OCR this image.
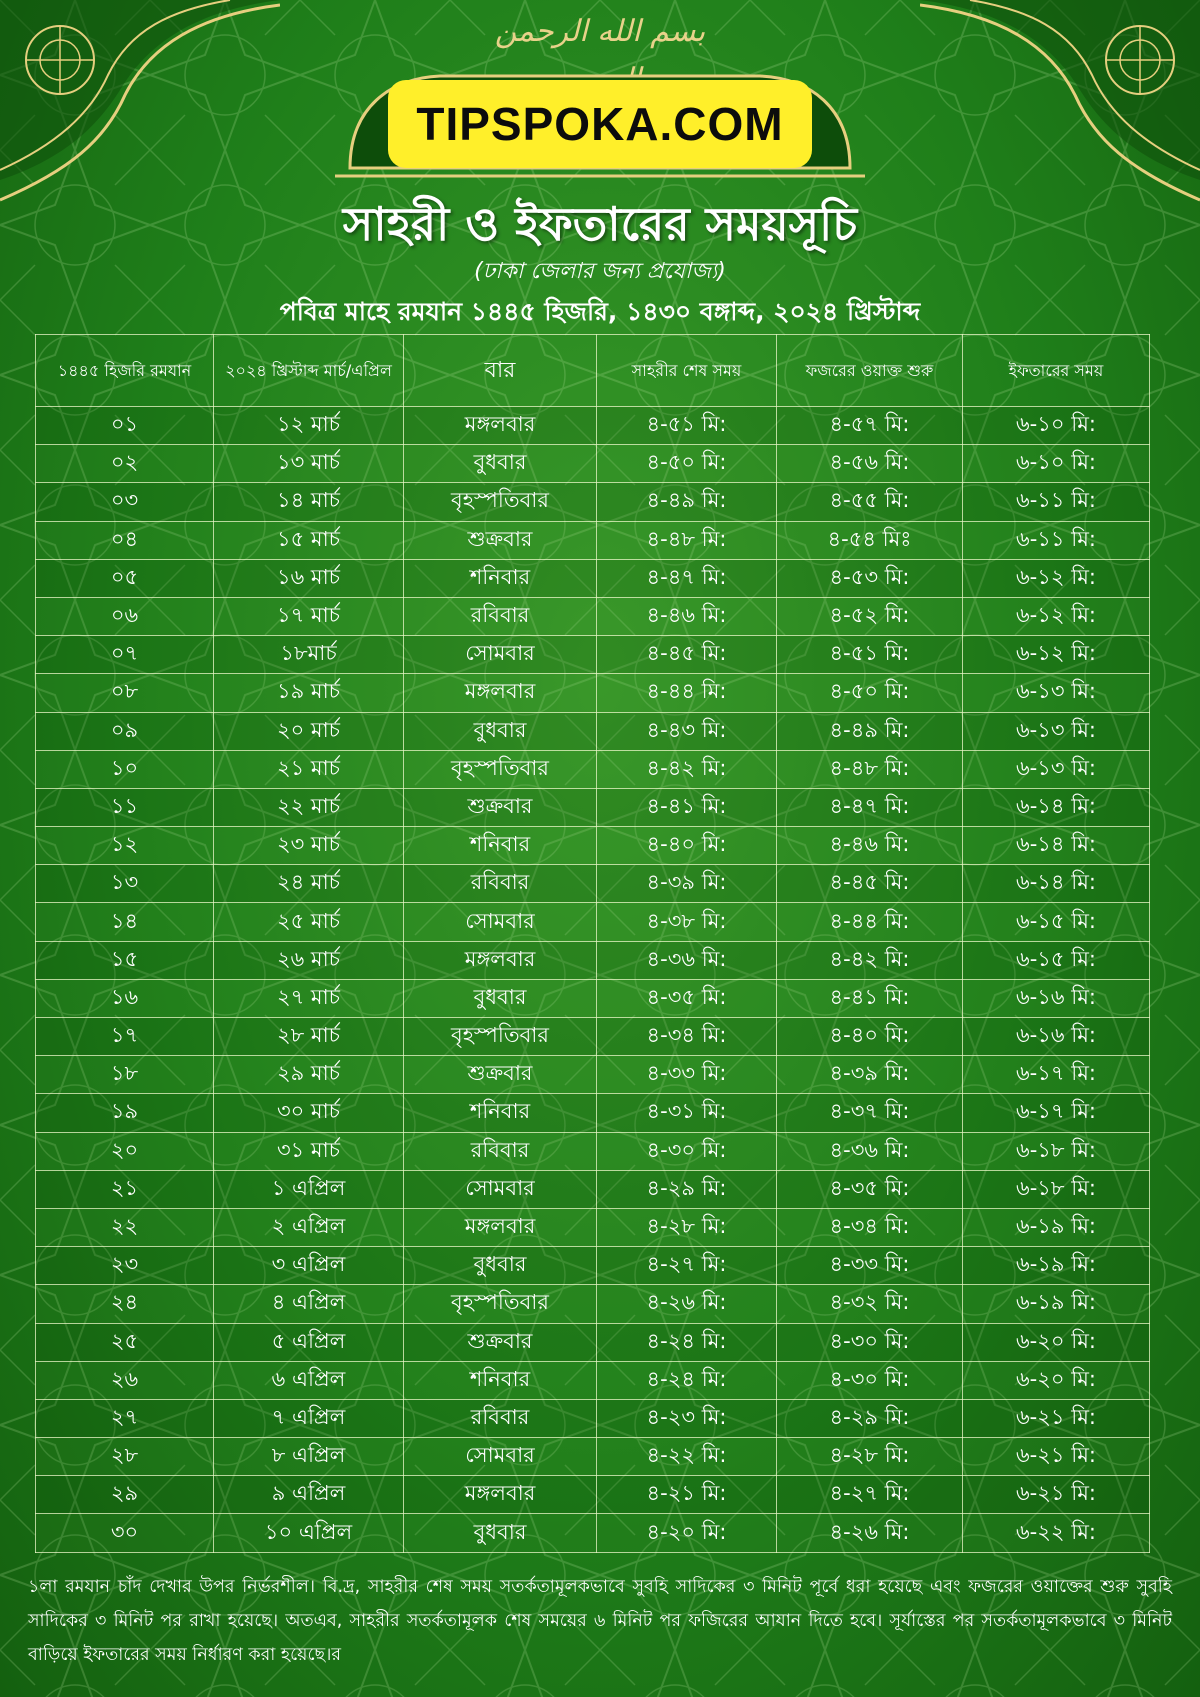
بسم الله الرحمن
TIPSPOKA.COM
সাহরী ও ইফতারের সময়সূচি
(ঢাকা জেলার জন্য প্রযোজ্য)
পবিত্র মাহে রমযান ১৪৪৫ হিজরি, ১৪৩০ বঙ্গাব্দ, ২০২৪ খ্রিস্টাব্দ
১৪৪৫ হিজরি রমযান	২০২৪ খ্রিস্টাব্দ মার্চ/এপ্রিল	বার	সাহরীর শেষ সময়	ফজরের ওয়াক্ত শুরু	ইফতারের সময়
০১	১২ মার্চ	মঙ্গলবার	৪-৫১ মি:	৪-৫৭ মি:	৬-১০ মি:
০২	১৩ মার্চ	বুধবার	৪-৫০ মি:	৪-৫৬ মি:	৬-১০ মি:
০৩	১৪ মার্চ	বৃহস্পতিবার	৪-৪৯ মি:	৪-৫৫ মি:	৬-১১ মি:
০৪	১৫ মার্চ	শুক্রবার	৪-৪৮ মি:	৪-৫৪ মিঃ	৬-১১ মি:
০৫	১৬ মার্চ	শনিবার	৪-৪৭ মি:	৪-৫৩ মি:	৬-১২ মি:
০৬	১৭ মার্চ	রবিবার	৪-৪৬ মি:	৪-৫২ মি:	৬-১২ মি:
০৭	১৮মার্চ	সোমবার	৪-৪৫ মি:	৪-৫১ মি:	৬-১২ মি:
০৮	১৯ মার্চ	মঙ্গলবার	৪-৪৪ মি:	৪-৫০ মি:	৬-১৩ মি:
০৯	২০ মার্চ	বুধবার	৪-৪৩ মি:	৪-৪৯ মি:	৬-১৩ মি:
১০	২১ মার্চ	বৃহস্পতিবার	৪-৪২ মি:	৪-৪৮ মি:	৬-১৩ মি:
১১	২২ মার্চ	শুক্রবার	৪-৪১ মি:	৪-৪৭ মি:	৬-১৪ মি:
১২	২৩ মার্চ	শনিবার	৪-৪০ মি:	৪-৪৬ মি:	৬-১৪ মি:
১৩	২৪ মার্চ	রবিবার	৪-৩৯ মি:	৪-৪৫ মি:	৬-১৪ মি:
১৪	২৫ মার্চ	সোমবার	৪-৩৮ মি:	৪-৪৪ মি:	৬-১৫ মি:
১৫	২৬ মার্চ	মঙ্গলবার	৪-৩৬ মি:	৪-৪২ মি:	৬-১৫ মি:
১৬	২৭ মার্চ	বুধবার	৪-৩৫ মি:	৪-৪১ মি:	৬-১৬ মি:
১৭	২৮ মার্চ	বৃহস্পতিবার	৪-৩৪ মি:	৪-৪০ মি:	৬-১৬ মি:
১৮	২৯ মার্চ	শুক্রবার	৪-৩৩ মি:	৪-৩৯ মি:	৬-১৭ মি:
১৯	৩০ মার্চ	শনিবার	৪-৩১ মি:	৪-৩৭ মি:	৬-১৭ মি:
২০	৩১ মার্চ	রবিবার	৪-৩০ মি:	৪-৩৬ মি:	৬-১৮ মি:
২১	১ এপ্রিল	সোমবার	৪-২৯ মি:	৪-৩৫ মি:	৬-১৮ মি:
২২	২ এপ্রিল	মঙ্গলবার	৪-২৮ মি:	৪-৩৪ মি:	৬-১৯ মি:
২৩	৩ এপ্রিল	বুধবার	৪-২৭ মি:	৪-৩৩ মি:	৬-১৯ মি:
২৪	৪ এপ্রিল	বৃহস্পতিবার	৪-২৬ মি:	৪-৩২ মি:	৬-১৯ মি:
২৫	৫ এপ্রিল	শুক্রবার	৪-২৪ মি:	৪-৩০ মি:	৬-২০ মি:
২৬	৬ এপ্রিল	শনিবার	৪-২৪ মি:	৪-৩০ মি:	৬-২০ মি:
২৭	৭ এপ্রিল	রবিবার	৪-২৩ মি:	৪-২৯ মি:	৬-২১ মি:
২৮	৮ এপ্রিল	সোমবার	৪-২২ মি:	৪-২৮ মি:	৬-২১ মি:
২৯	৯ এপ্রিল	মঙ্গলবার	৪-২১ মি:	৪-২৭ মি:	৬-২১ মি:
৩০	১০ এপ্রিল	বুধবার	৪-২০ মি:	৪-২৬ মি:	৬-২২ মি:
১লা রমযান চাঁদ দেখার উপর নির্ভরশীল। বি.দ্র, সাহরীর শেষ সময় সতর্কতামূলকভাবে সুবহি সাদিকের ৩ মিনিট পূর্বে ধরা হয়েছে এবং ফজরের ওয়াক্তের শুরু সুবহি সাদিকের ৩ মিনিট পর রাখা হয়েছে। অতএব, সাহরীর সতর্কতামূলক শেষ সময়ের ৬ মিনিট পর ফজিরের আযান দিতে হবে। সূর্যাস্তের পর সতর্কতামূলকভাবে ৩ মিনিট বাড়িয়ে ইফতারের সময় নির্ধারণ করা হয়েছে।র
